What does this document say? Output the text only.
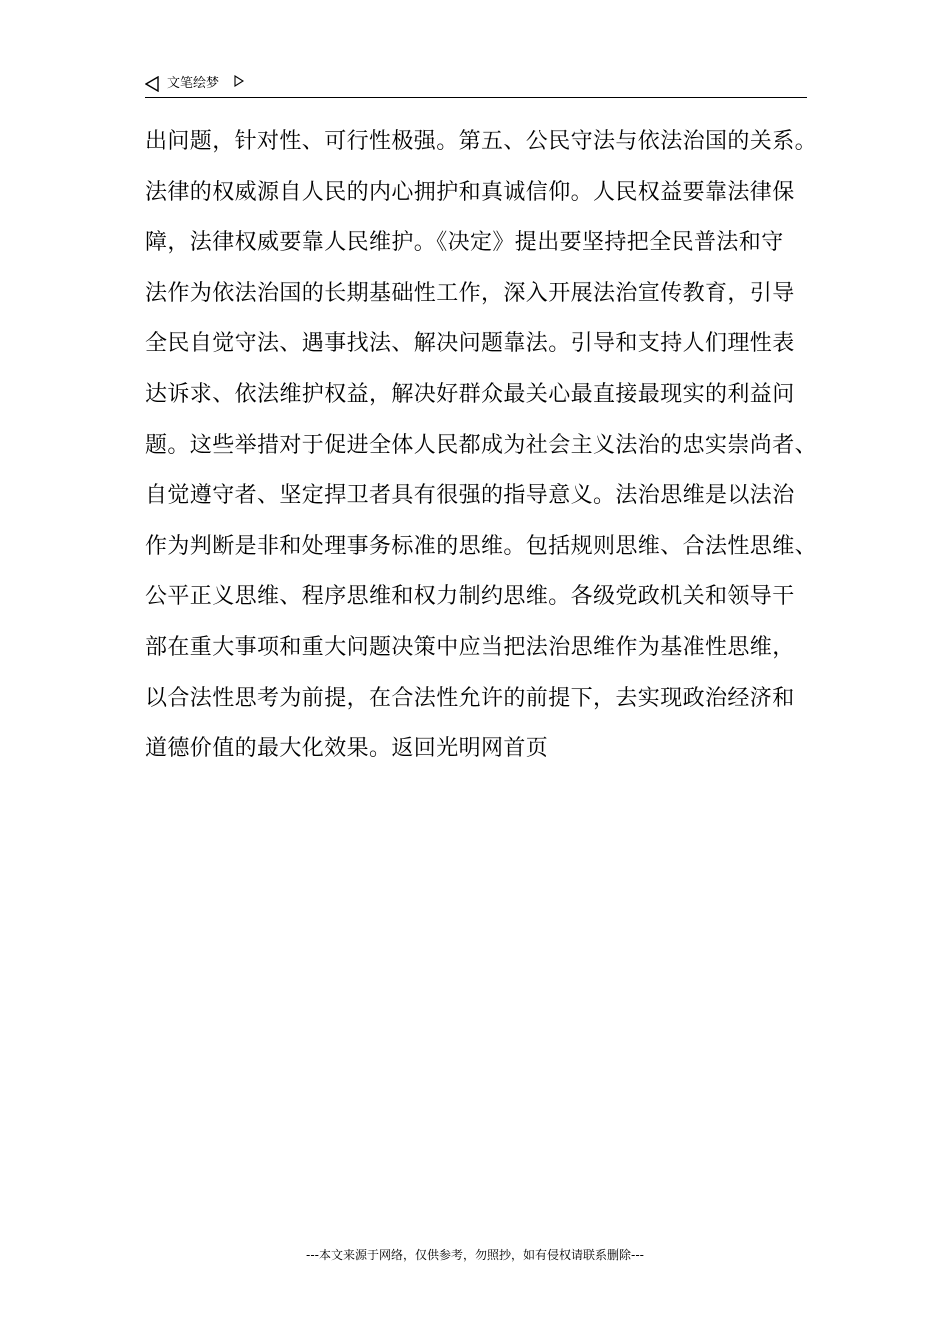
文笔绘梦
出问题，针对性、可行性极强。第五、公民守法与依法治国的关系。
法律的权威源自人民的内心拥护和真诚信仰。人民权益要靠法律保
障，法律权威要靠人民维护。《决定》提出要坚持把全民普法和守
法作为依法治国的长期基础性工作，深入开展法治宣传教育，引导
全民自觉守法、遇事找法、解决问题靠法。引导和支持人们理性表
达诉求、依法维护权益，解决好群众最关心最直接最现实的利益问
题。这些举措对于促进全体人民都成为社会主义法治的忠实崇尚者、
自觉遵守者、坚定捍卫者具有很强的指导意义。法治思维是以法治
作为判断是非和处理事务标准的思维。包括规则思维、合法性思维、
公平正义思维、程序思维和权力制约思维。各级党政机关和领导干
部在重大事项和重大问题决策中应当把法治思维作为基准性思维，
以合法性思考为前提，在合法性允许的前提下，去实现政治经济和
道德价值的最大化效果。返回光明网首页
---本文来源于网络，仅供参考，勿照抄，如有侵权请联系删除---
